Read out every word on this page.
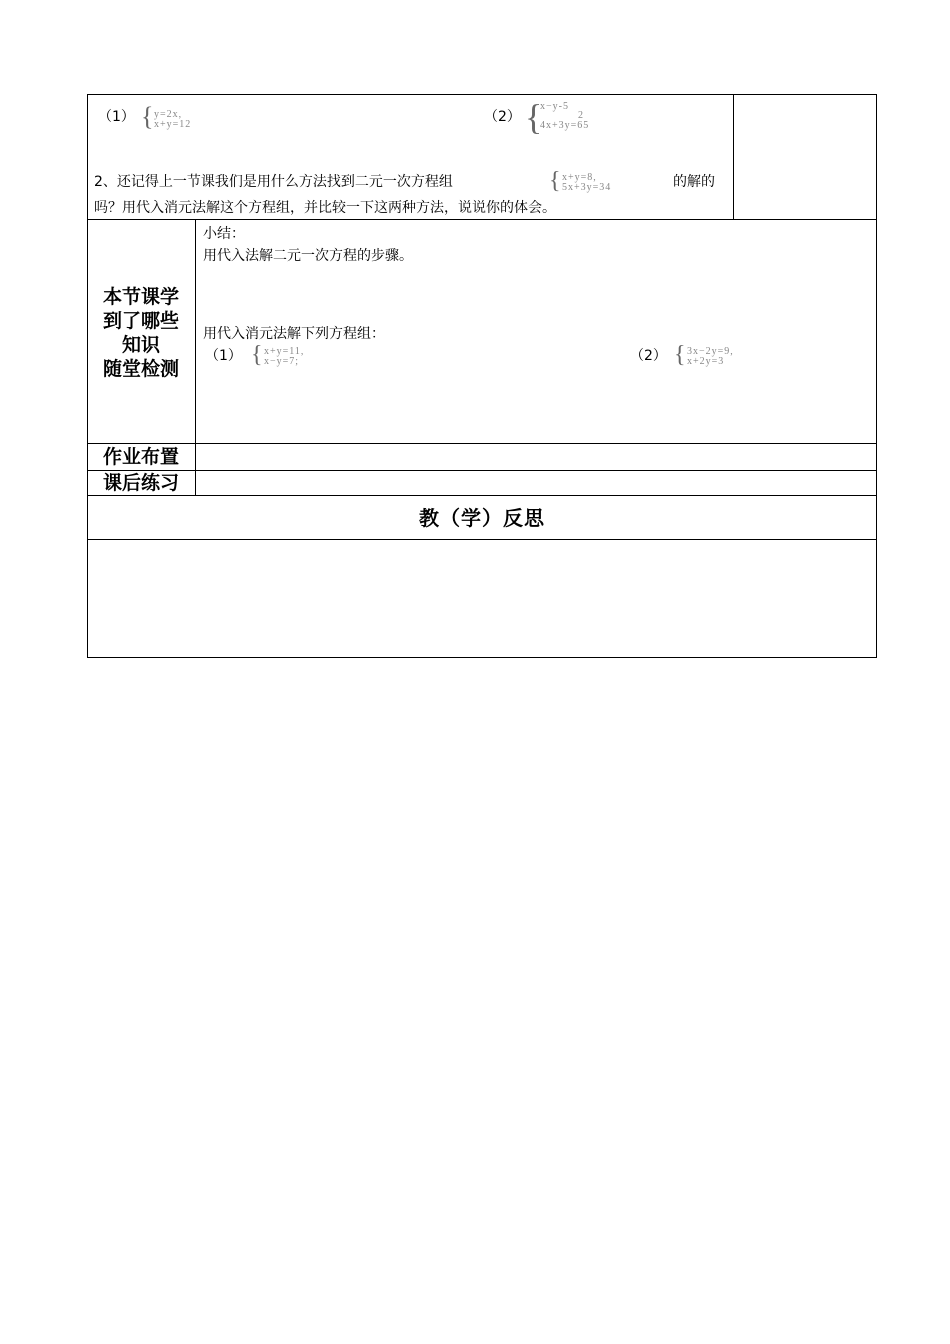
（1） { y=2x,
x+y=12	（2） {
x−y-5
2
4x+3y=65
2、还记得上一节课我们是用什么方法找到二元一次方程组	{ x+y=8,
5x+3y=34	的解的
吗？用代入消元法解这个方程组，并比较一下这两种方法，说说你的体会。
本节课学
到了哪些
知识
随堂检测
小结：
用代入法解二元一次方程的步骤。
用代入消元法解下列方程组：
（1） { x+y=11,
x−y=7;	（2） { 3x−2y=9,
x+2y=3
作业布置
课后练习
教（学）反思
